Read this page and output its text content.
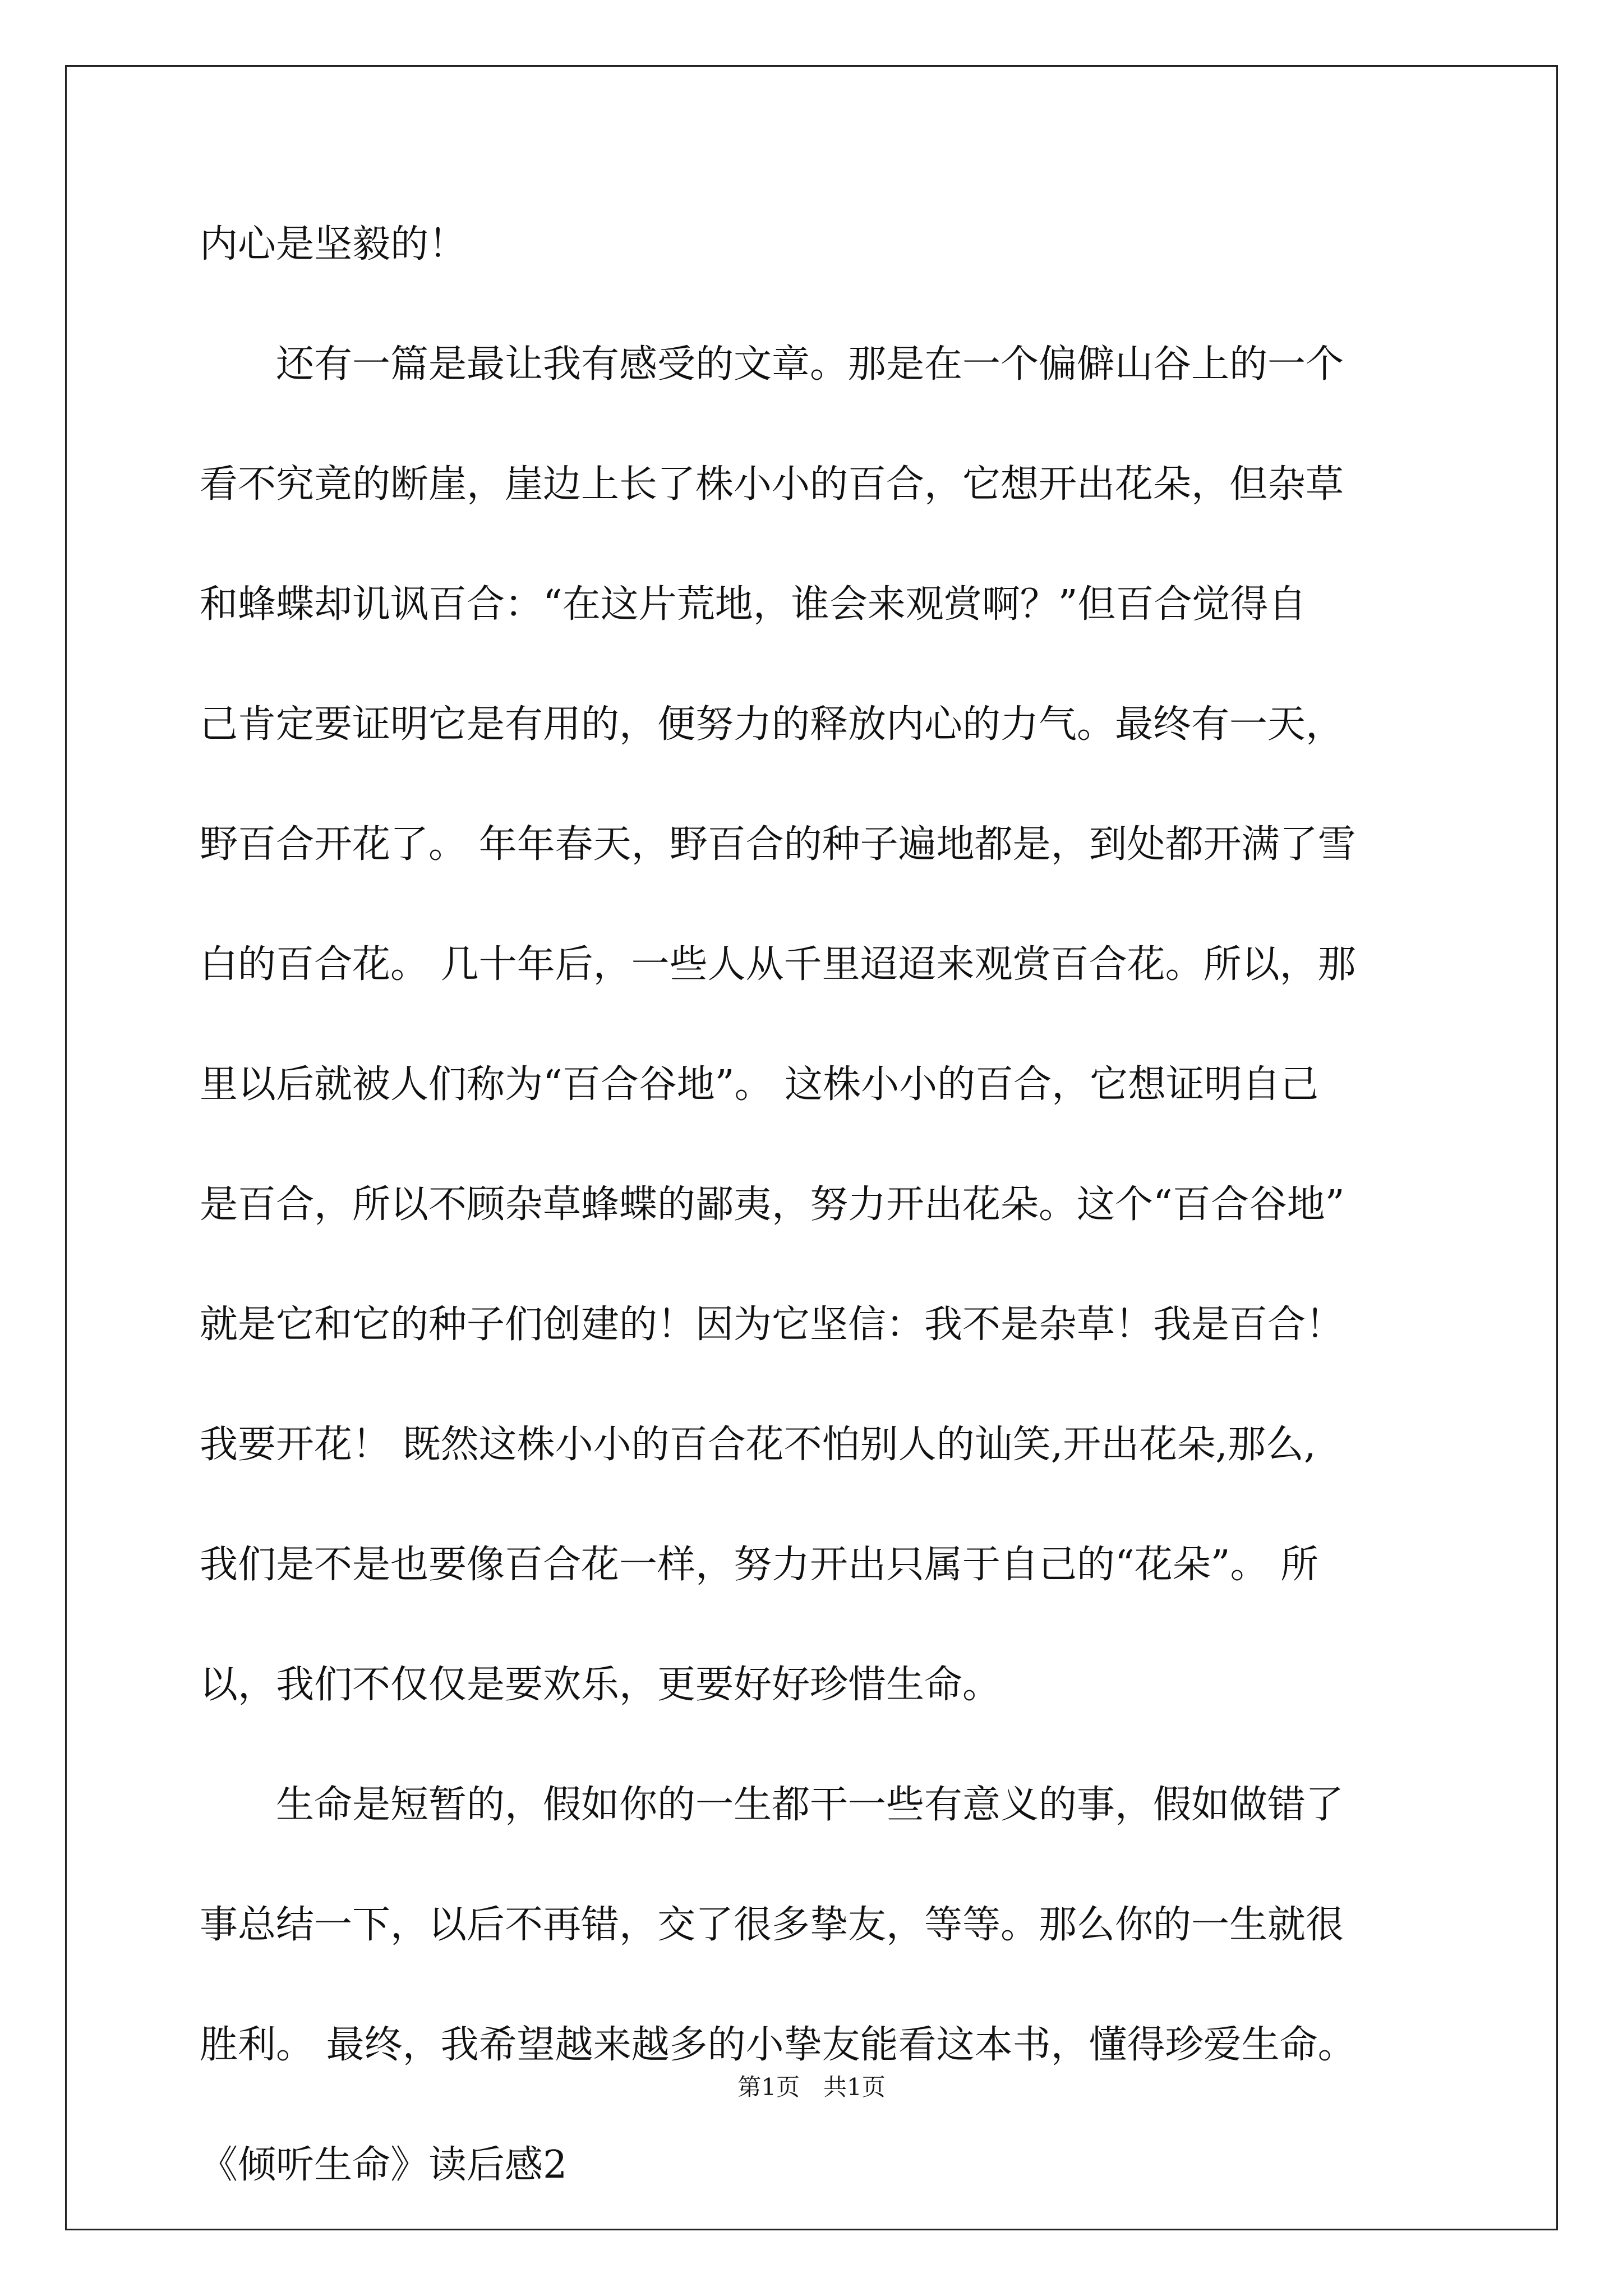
内心是坚毅的！
　　还有一篇是最让我有感受的文章。那是在一个偏僻山谷上的一个
看不究竟的断崖，崖边上长了株小小的百合，它想开出花朵，但杂草
和蜂蝶却讥讽百合：“在这片荒地，谁会来观赏啊？”但百合觉得自
己肯定要证明它是有用的，便努力的释放内心的力气。最终有一天，
野百合开花了。 年年春天，野百合的种子遍地都是，到处都开满了雪
白的百合花。 几十年后，一些人从千里迢迢来观赏百合花。所以，那
里以后就被人们称为“百合谷地”。 这株小小的百合，它想证明自己
是百合，所以不顾杂草蜂蝶的鄙夷，努力开出花朵。这个“百合谷地”
就是它和它的种子们创建的！因为它坚信：我不是杂草！我是百合！
我要开花！ 既然这株小小的百合花不怕别人的讪笑,开出花朵,那么,
我们是不是也要像百合花一样，努力开出只属于自己的“花朵”。 所
以，我们不仅仅是要欢乐，更要好好珍惜生命。
　　生命是短暂的，假如你的一生都干一些有意义的事，假如做错了
事总结一下，以后不再错，交了很多挚友，等等。那么你的一生就很
胜利。 最终，我希望越来越多的小挚友能看这本书，懂得珍爱生命。
《倾听生命》读后感2
第1页　共1页
